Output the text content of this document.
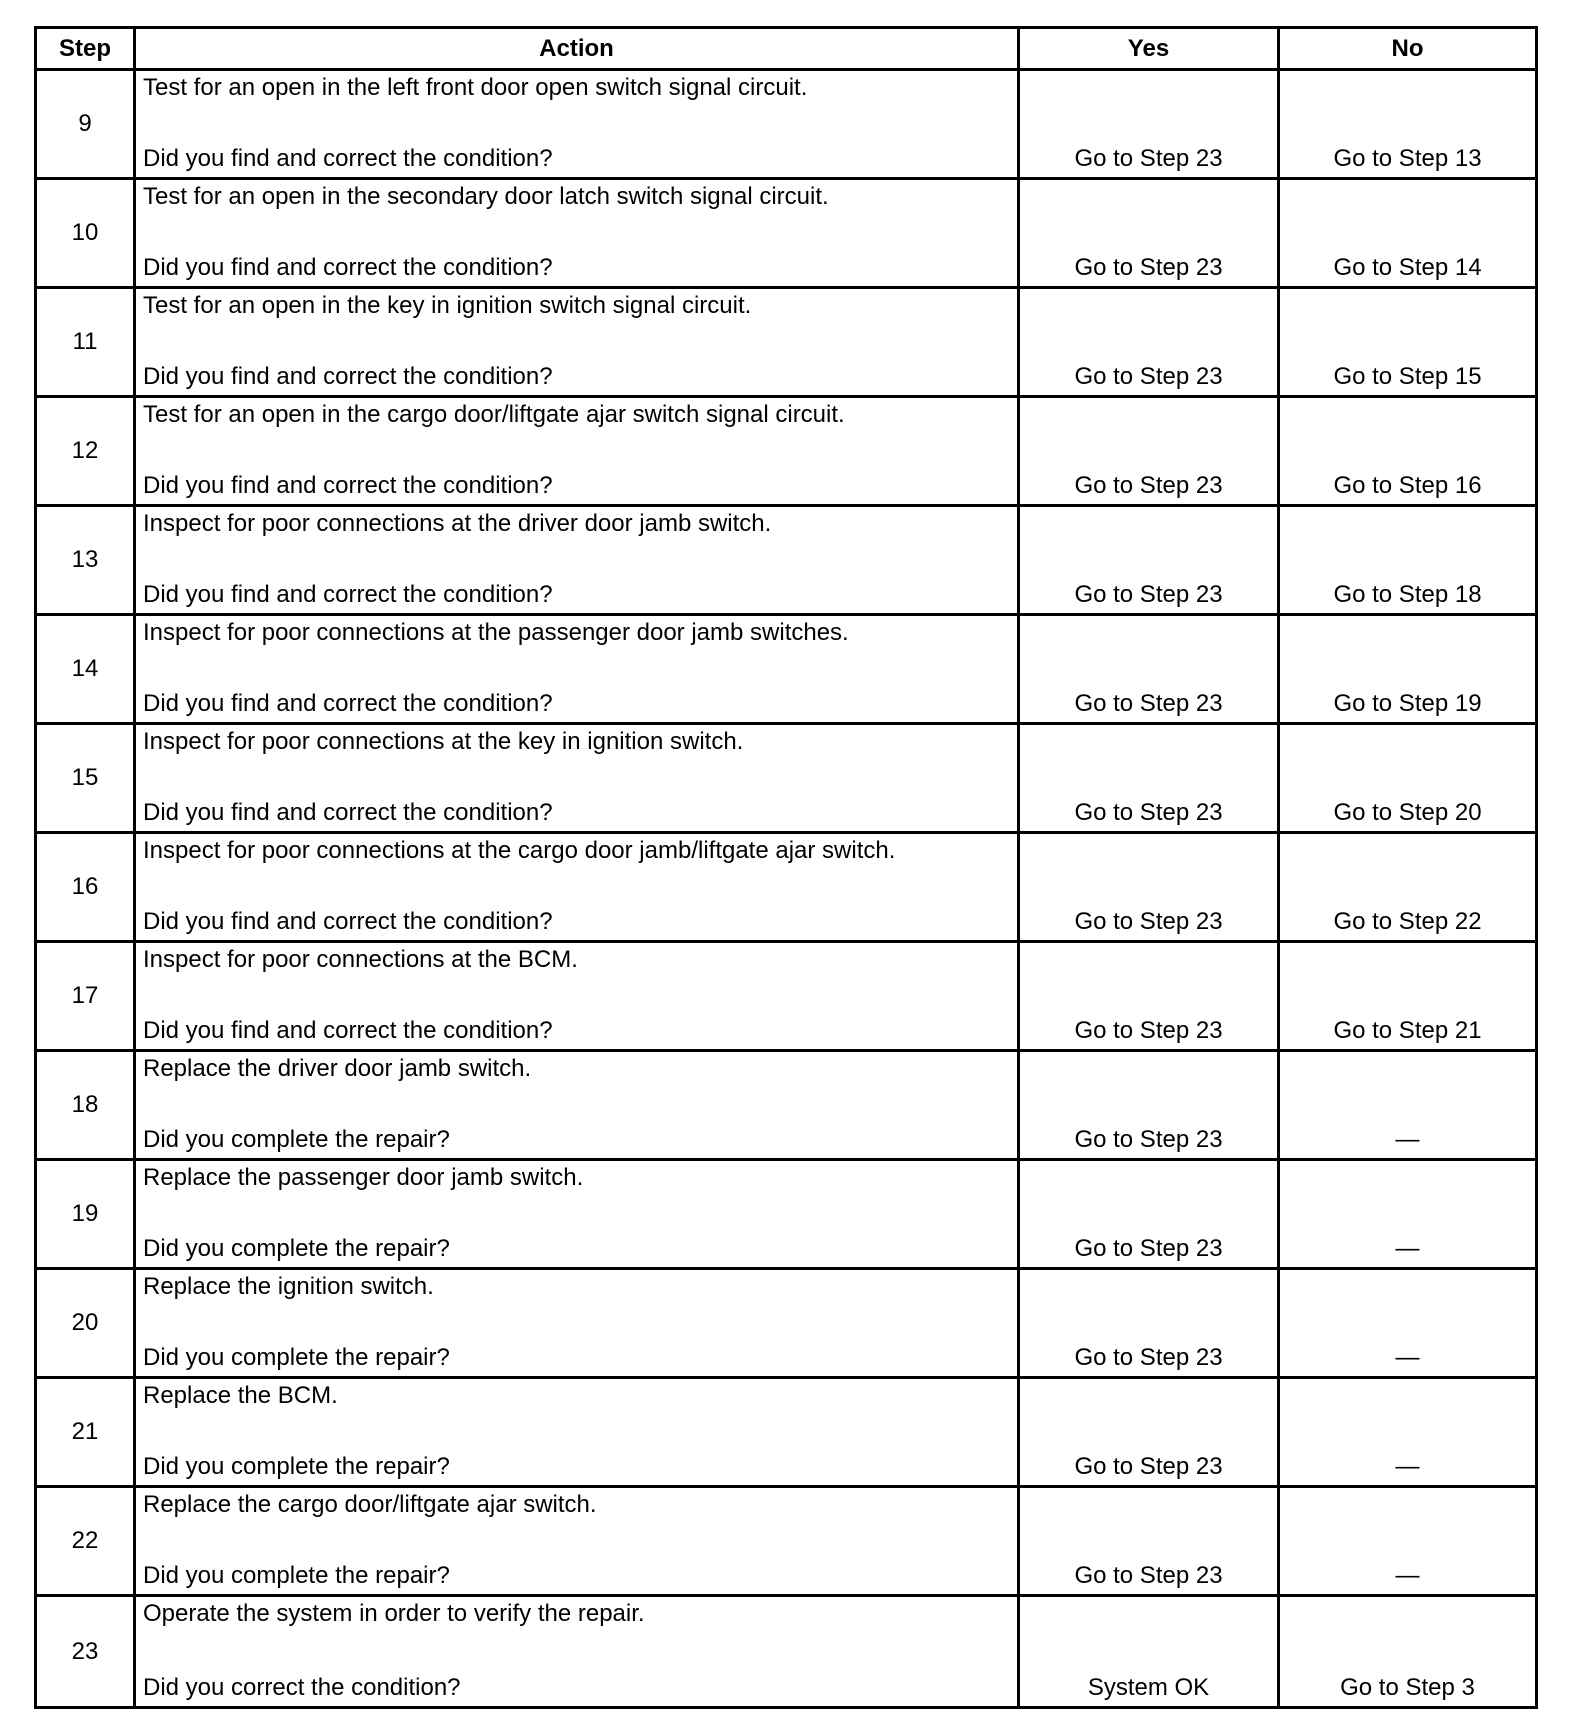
Step	Action	Yes	No
9
Test for an open in the left front door open switch signal circuit.
Did you find and correct the condition?	Go to Step 23	Go to Step 13
10
Test for an open in the secondary door latch switch signal circuit.
Did you find and correct the condition?	Go to Step 23	Go to Step 14
11
Test for an open in the key in ignition switch signal circuit.
Did you find and correct the condition?	Go to Step 23	Go to Step 15
12
Test for an open in the cargo door/liftgate ajar switch signal circuit.
Did you find and correct the condition?	Go to Step 23	Go to Step 16
13
Inspect for poor connections at the driver door jamb switch.
Did you find and correct the condition?	Go to Step 23	Go to Step 18
14
Inspect for poor connections at the passenger door jamb switches.
Did you find and correct the condition?	Go to Step 23	Go to Step 19
15
Inspect for poor connections at the key in ignition switch.
Did you find and correct the condition?	Go to Step 23	Go to Step 20
16
Inspect for poor connections at the cargo door jamb/liftgate ajar switch.
Did you find and correct the condition?	Go to Step 23	Go to Step 22
17
Inspect for poor connections at the BCM.
Did you find and correct the condition?	Go to Step 23	Go to Step 21
18
Replace the driver door jamb switch.
Did you complete the repair?	Go to Step 23	—
19
Replace the passenger door jamb switch.
Did you complete the repair?	Go to Step 23	—
20
Replace the ignition switch.
Did you complete the repair?	Go to Step 23	—
21
Replace the BCM.
Did you complete the repair?	Go to Step 23	—
22
Replace the cargo door/liftgate ajar switch.
Did you complete the repair?	Go to Step 23	—
23
Operate the system in order to verify the repair.
Did you correct the condition?	System OK	Go to Step 3
